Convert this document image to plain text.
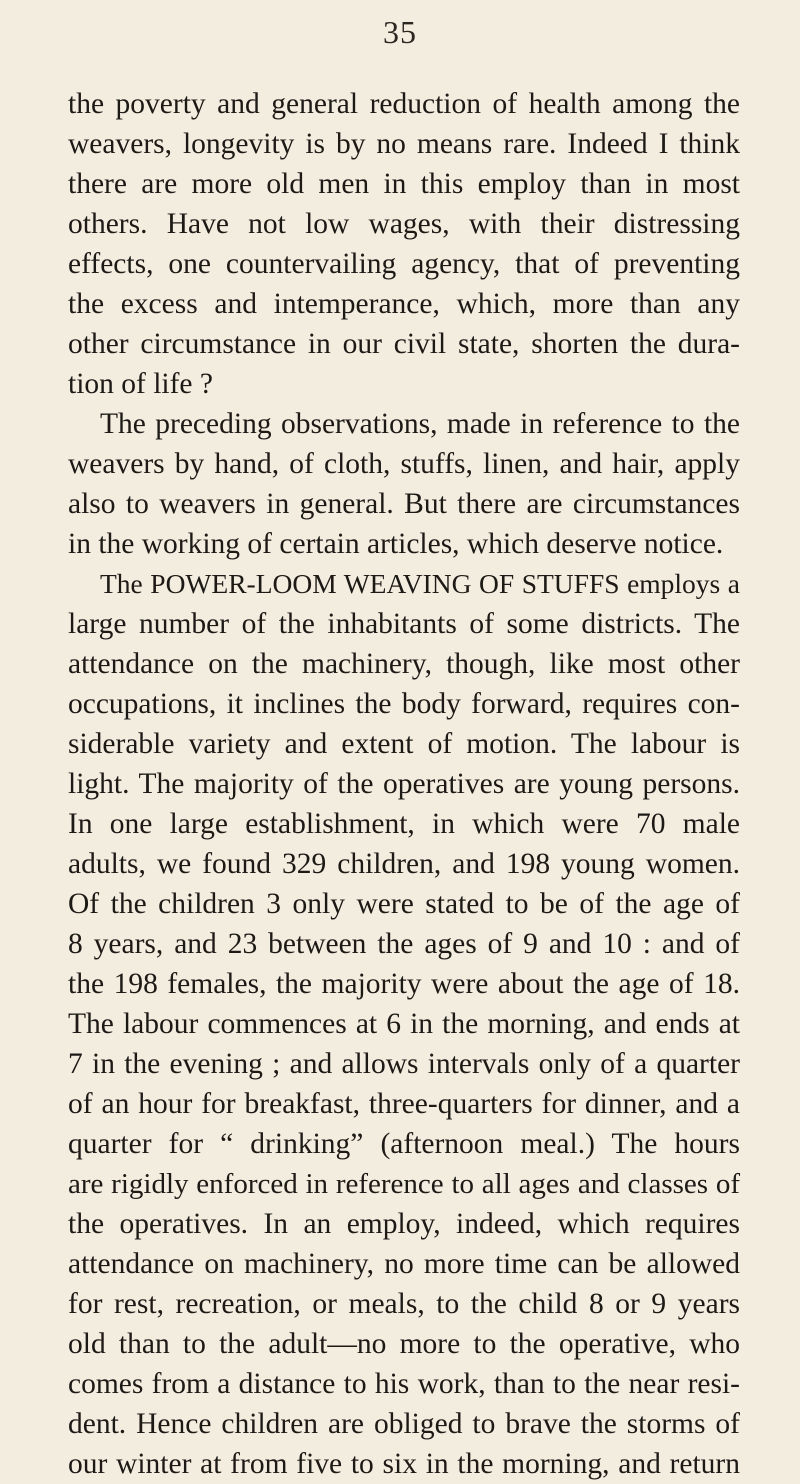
35
the poverty and general reduction of health among the
weavers, longevity is by no means rare. Indeed I think
there are more old men in this employ than in most
others. Have not low wages, with their distressing
effects, one countervailing agency, that of preventing
the excess and intemperance, which, more than any
other circumstance in our civil state, shorten the dura-
tion of life ?
The preceding observations, made in reference to the
weavers by hand, of cloth, stuffs, linen, and hair, apply
also to weavers in general. But there are circumstances
in the working of certain articles, which deserve notice.
The POWER-LOOM WEAVING OF STUFFS employs a
large number of the inhabitants of some districts. The
attendance on the machinery, though, like most other
occupations, it inclines the body forward, requires con-
siderable variety and extent of motion. The labour is
light. The majority of the operatives are young persons.
In one large establishment, in which were 70 male
adults, we found 329 children, and 198 young women.
Of the children 3 only were stated to be of the age of
8 years, and 23 between the ages of 9 and 10 : and of
the 198 females, the majority were about the age of 18.
The labour commences at 6 in the morning, and ends at
7 in the evening ; and allows intervals only of a quarter
of an hour for breakfast, three-quarters for dinner, and a
quarter for “ drinking” (afternoon meal.) The hours
are rigidly enforced in reference to all ages and classes of
the operatives. In an employ, indeed, which requires
attendance on machinery, no more time can be allowed
for rest, recreation, or meals, to the child 8 or 9 years
old than to the adult—no more to the operative, who
comes from a distance to his work, than to the near resi-
dent. Hence children are obliged to brave the storms of
our winter at from five to six in the morning, and return
